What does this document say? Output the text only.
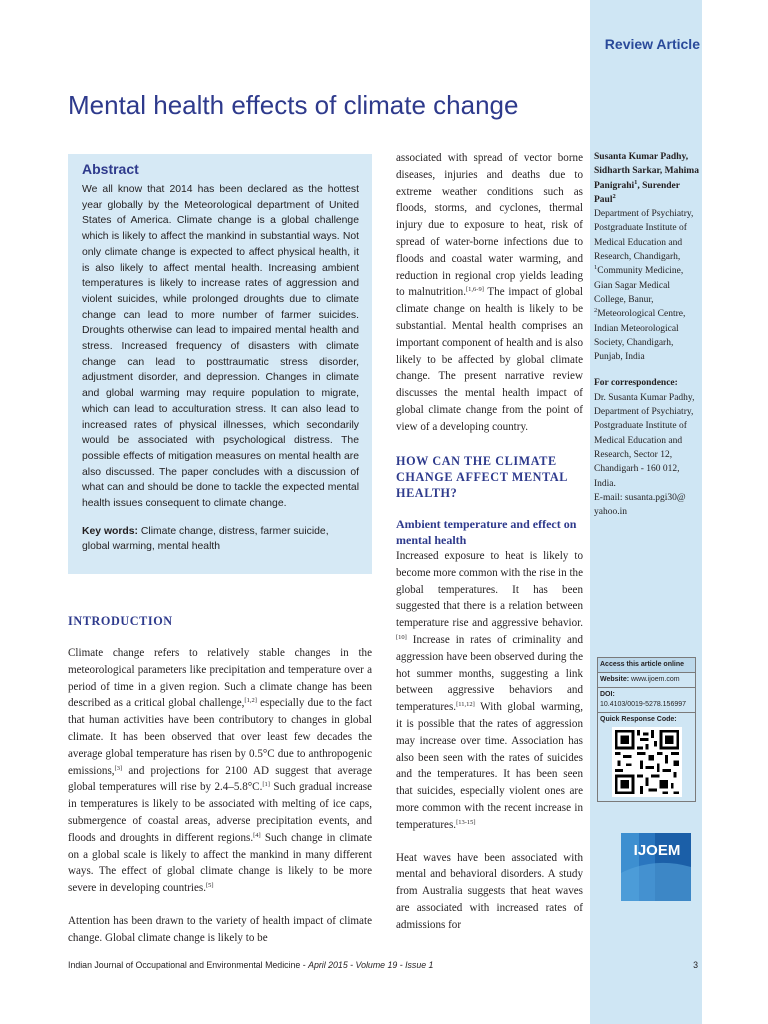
Review Article
Mental health effects of climate change
Abstract
We all know that 2014 has been declared as the hottest year globally by the Meteorological department of United States of America. Climate change is a global challenge which is likely to affect the mankind in substantial ways. Not only climate change is expected to affect physical health, it is also likely to affect mental health. Increasing ambient temperatures is likely to increase rates of aggression and violent suicides, while prolonged droughts due to climate change can lead to more number of farmer suicides. Droughts otherwise can lead to impaired mental health and stress. Increased frequency of disasters with climate change can lead to posttraumatic stress disorder, adjustment disorder, and depression. Changes in climate and global warming may require population to migrate, which can lead to acculturation stress. It can also lead to increased rates of physical illnesses, which secondarily would be associated with psychological distress. The possible effects of mitigation measures on mental health are also discussed. The paper concludes with a discussion of what can and should be done to tackle the expected mental health issues consequent to climate change.
Key words: Climate change, distress, farmer suicide, global warming, mental health
INTRODUCTION

Climate change refers to relatively stable changes in the meteorological parameters like precipitation and temperature over a period of time in a given region. Such a climate change has been described as a critical global challenge,[1,2] especially due to the fact that human activities have been contributory to changes in global climate. It has been observed that over least few decades the average global temperature has risen by 0.5°C due to anthropogenic emissions,[3] and projections for 2100 AD suggest that average global temperatures will rise by 2.4–5.8°C.[1] Such gradual increase in temperatures is likely to be associated with melting of ice caps, submergence of coastal areas, adverse precipitation events, and floods and droughts in different regions.[4] Such change in climate on a global scale is likely to affect the mankind in many different ways. The effect of global climate change is likely to be more severe in developing countries.[5]

Attention has been drawn to the variety of health impact of climate change. Global climate change is likely to be

associated with spread of vector borne diseases, injuries and deaths due to extreme weather conditions such as floods, storms, and cyclones, thermal injury due to exposure to heat, risk of spread of water-borne infections due to floods and coastal water warming, and reduction in regional crop yields leading to malnutrition.[1,6-9] The impact of global climate change on health is likely to be substantial. Mental health comprises an important component of health and is also likely to be affected by global climate change. The present narrative review discusses the mental health impact of global climate change from the point of view of a developing country.

HOW CAN THE CLIMATE CHANGE AFFECT MENTAL HEALTH?
Ambient temperature and effect on mental health

Increased exposure to heat is likely to become more common with the rise in the global temperatures. It has been suggested that there is a relation between temperature rise and aggressive behavior.[10] Increase in rates of criminality and aggression have been observed during the hot summer months, suggesting a link between aggressive behaviors and temperatures.[11,12] With global warming, it is possible that the rates of aggression may increase over time. Association has also been seen with the rates of suicides and the temperatures. It has been seen that suicides, especially violent ones are more common with the recent increase in temperatures.[13-15]

Heat waves have been associated with mental and behavioral disorders. A study from Australia suggests that heat waves are associated with increased rates of admissions for

Susanta Kumar Padhy, Sidharth Sarkar, Mahima Panigrahi$^1$, Surender Paul$^2$

Department of Psychiatry, Postgraduate Institute of Medical Education and Research, Chandigarh,

$^1$Community Medicine, Gian Sagar Medical College, Banur,

$^2$Meteorological Centre, Indian Meteorological Society, Chandigarh, Punjab, India

For correspondence:

Dr. Susanta Kumar Padhy, Department of Psychiatry, Postgraduate Institute of Medical Education and Research, Sector 12, Chandigarh - 160 012, India.

E-mail: susanta.pgi30@ yahoo.in

Access this article online
Website: www.ijoem.com
DOI:
10.4103/0019-5278.156997
Quick Response Code:
IJOEM
Indian Journal of Occupational and Environmental Medicine - April 2015 - Volume 19 - Issue 1	3
